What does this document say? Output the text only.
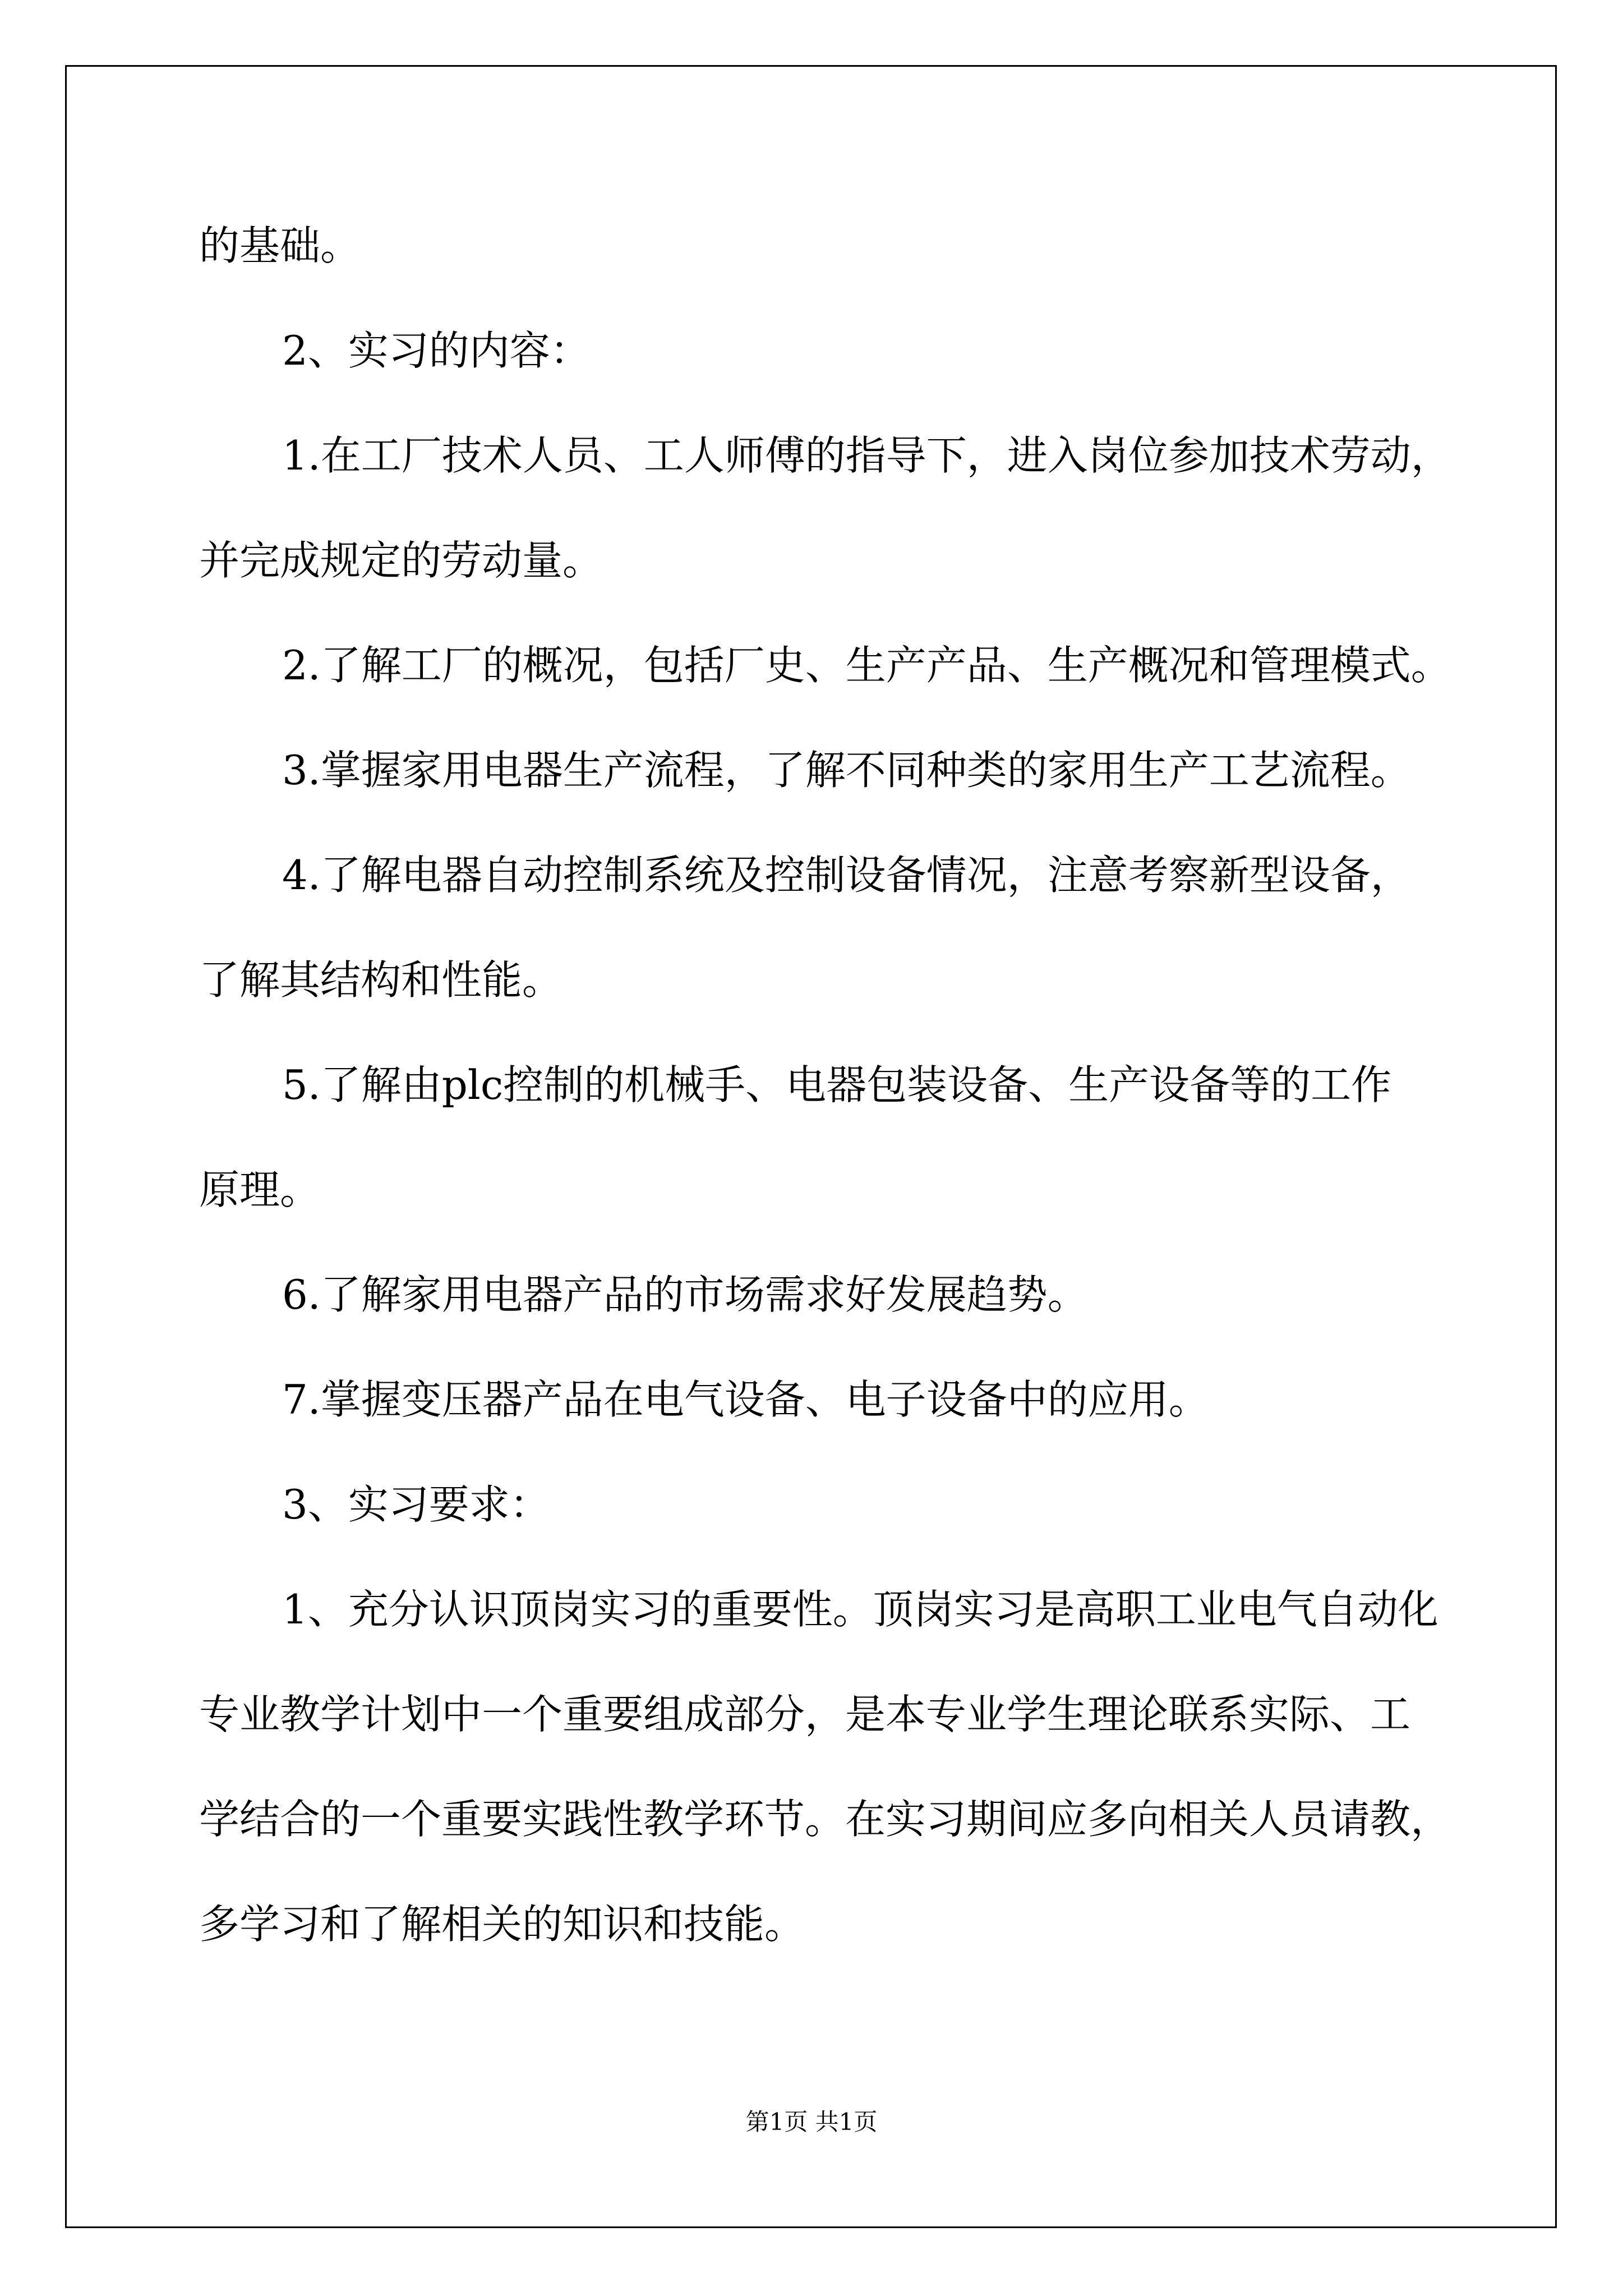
的基础。
2、实习的内容：
1.在工厂技术人员、工人师傅的指导下，进入岗位参加技术劳动，
并完成规定的劳动量。
2.了解工厂的概况，包括厂史、生产产品、生产概况和管理模式。
3.掌握家用电器生产流程，了解不同种类的家用生产工艺流程。
4.了解电器自动控制系统及控制设备情况，注意考察新型设备，
了解其结构和性能。
5.了解由plc控制的机械手、电器包装设备、生产设备等的工作
原理。
6.了解家用电器产品的市场需求好发展趋势。
7.掌握变压器产品在电气设备、电子设备中的应用。
3、实习要求：
1、充分认识顶岗实习的重要性。顶岗实习是高职工业电气自动化
专业教学计划中一个重要组成部分，是本专业学生理论联系实际、工
学结合的一个重要实践性教学环节。在实习期间应多向相关人员请教，
多学习和了解相关的知识和技能。
第1页 共1页
